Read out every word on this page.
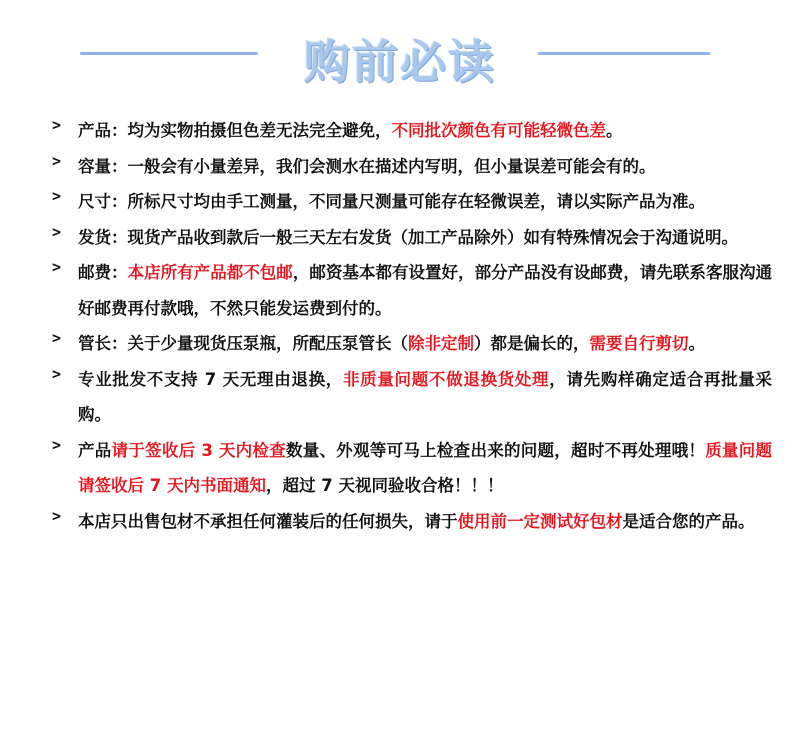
购前必读
> 产品：均为实物拍摄但色差无法完全避免，不同批次颜色有可能轻微色差。
> 容量：一般会有小量差异，我们会测水在描述内写明，但小量误差可能会有的。
> 尺寸：所标尺寸均由手工测量，不同量尺测量可能存在轻微误差，请以实际产品为准。
> 发货：现货产品收到款后一般三天左右发货（加工产品除外）如有特殊情况会于沟通说明。
> 邮费：本店所有产品都不包邮，邮资基本都有设置好，部分产品没有设邮费，请先联系客服沟通好邮费再付款哦，不然只能发运费到付的。
> 管长：关于少量现货压泵瓶，所配压泵管长（除非定制）都是偏长的，需要自行剪切。
> 专业批发不支持 7 天无理由退换，非质量问题不做退换货处理，请先购样确定适合再批量采购。
> 产品请于签收后 3 天内检查数量、外观等可马上检查出来的问题，超时不再处理哦！质量问题请签收后 7 天内书面通知，超过 7 天视同验收合格！！！
> 本店只出售包材不承担任何灌装后的任何损失，请于使用前一定测试好包材是适合您的产品。
